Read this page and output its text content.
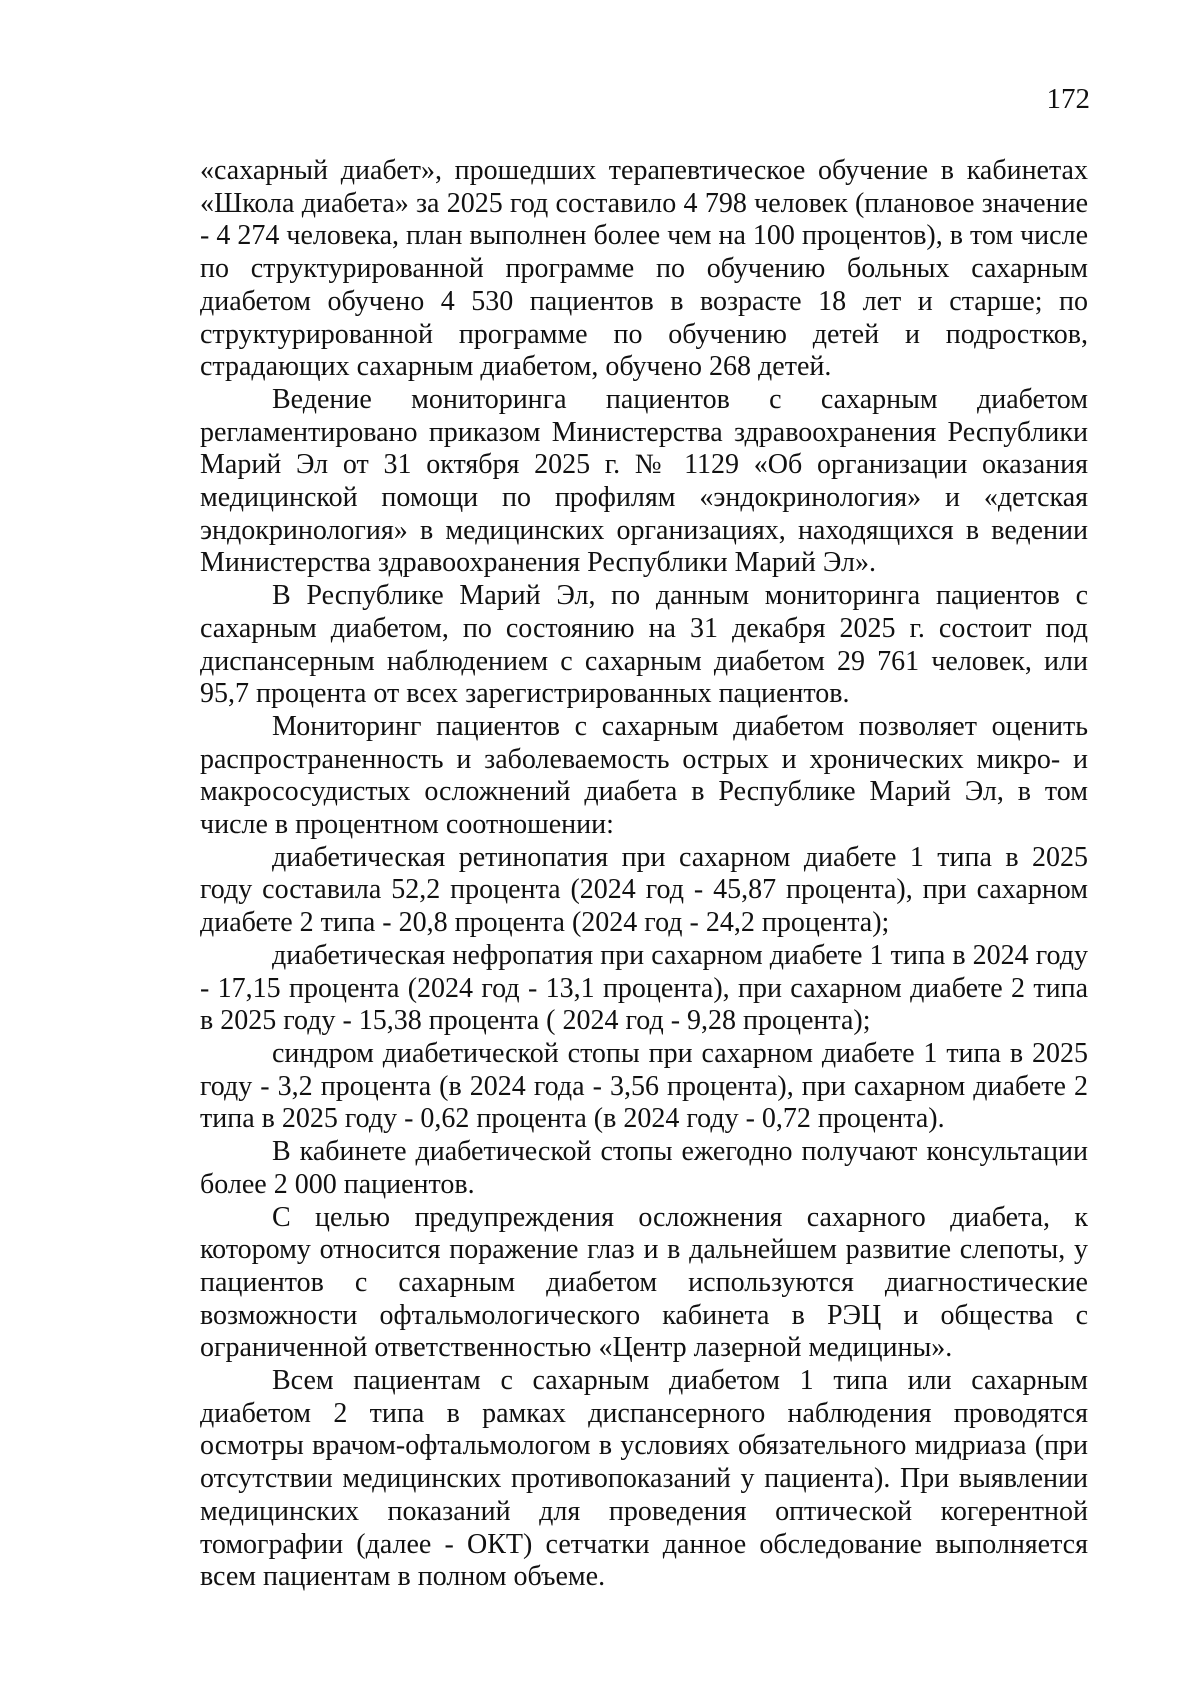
172

«сахарный диабет», прошедших терапевтическое обучение в кабинетах «Школа диабета» за 2025 год составило 4 798 человек (плановое значение - 4 274 человека, план выполнен более чем на 100 процентов), в том числе по структурированной программе по обучению больных сахарным диабетом обучено 4 530 пациентов в возрасте 18 лет и старше; по структурированной программе по обучению детей и подростков, страдающих сахарным диабетом, обучено 268 детей.

Ведение мониторинга пациентов с сахарным диабетом регламентировано приказом Министерства здравоохранения Республики Марий Эл от 31 октября 2025 г. № 1129 «Об организации оказания медицинской помощи по профилям «эндокринология» и «детская эндокринология» в медицинских организациях, находящихся в ведении Министерства здравоохранения Республики Марий Эл».

В Республике Марий Эл, по данным мониторинга пациентов с сахарным диабетом, по состоянию на 31 декабря 2025 г. состоит под диспансерным наблюдением с сахарным диабетом 29 761 человек, или 95,7 процента от всех зарегистрированных пациентов.

Мониторинг пациентов с сахарным диабетом позволяет оценить распространенность и заболеваемость острых и хронических микро- и макрососудистых осложнений диабета в Республике Марий Эл, в том числе в процентном соотношении:

диабетическая ретинопатия при сахарном диабете 1 типа в 2025 году составила 52,2 процента (2024 год - 45,87 процента), при сахарном диабете 2 типа - 20,8 процента (2024 год - 24,2 процента);

диабетическая нефропатия при сахарном диабете 1 типа в 2024 году - 17,15 процента (2024 год - 13,1 процента), при сахарном диабете 2 типа в 2025 году - 15,38 процента ( 2024 год - 9,28 процента);

синдром диабетической стопы при сахарном диабете 1 типа в 2025 году - 3,2 процента (в 2024 года - 3,56 процента), при сахарном диабете 2 типа в 2025 году - 0,62 процента (в 2024 году - 0,72 процента).

В кабинете диабетической стопы ежегодно получают консультации более 2 000 пациентов.

С целью предупреждения осложнения сахарного диабета, к которому относится поражение глаз и в дальнейшем развитие слепоты, у пациентов с сахарным диабетом используются диагностические возможности офтальмологического кабинета в РЭЦ и общества с ограниченной ответственностью «Центр лазерной медицины».

Всем пациентам с сахарным диабетом 1 типа или сахарным диабетом 2 типа в рамках диспансерного наблюдения проводятся осмотры врачом-офтальмологом в условиях обязательного мидриаза (при отсутствии медицинских противопоказаний у пациента). При выявлении медицинских показаний для проведения оптической когерентной томографии (далее - ОКТ) сетчатки данное обследование выполняется всем пациентам в полном объеме.
